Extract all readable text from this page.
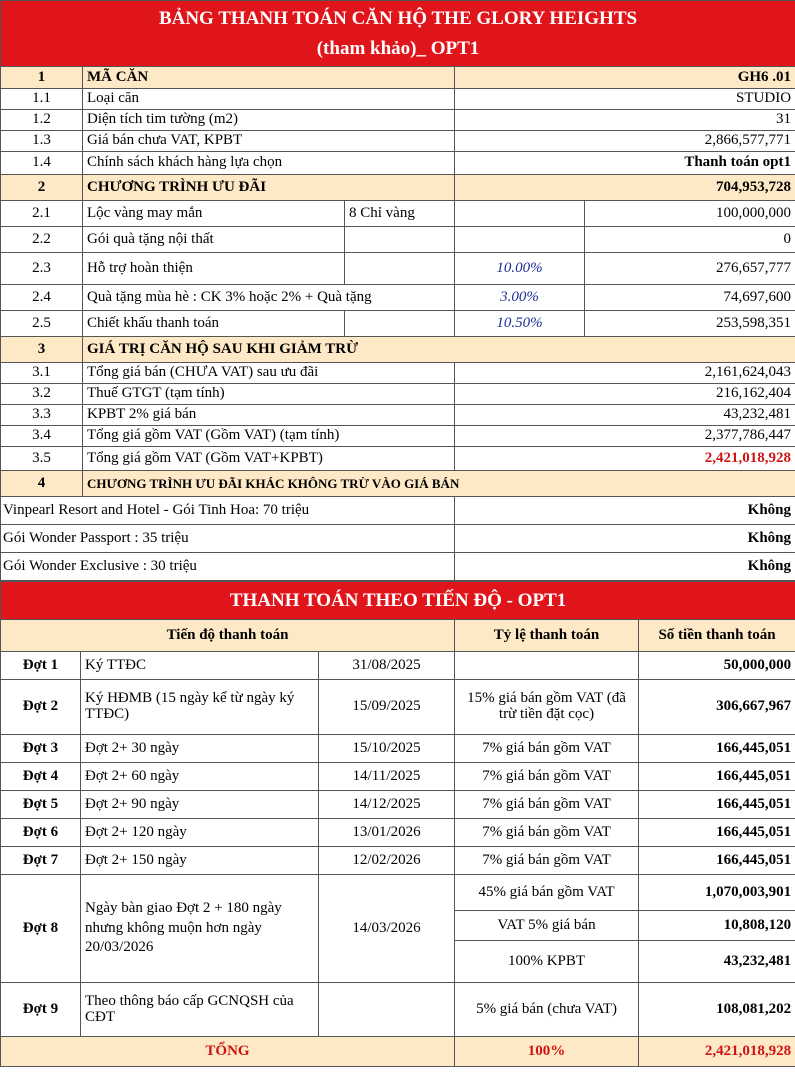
BẢNG THANH TOÁN CĂN HỘ THE GLORY HEIGHTS
(tham khảo)_ OPT1				

1	MÃ CĂN		GH6 .01	
1.1	Loại căn		STUDIO	
1.2	Diện tích tim tường (m2)		31	
1.3	Giá bán chưa VAT, KPBT		2,866,577,771	
1.4	Chính sách khách hàng lựa chọn		Thanh toán opt1	
2	CHƯƠNG TRÌNH ƯU ĐÃI		704,953,728	
2.1	Lộc vàng may mắn	8 Chỉ vàng		100,000,000
2.2	Gói quà tặng nội thất			0
2.3	Hỗ trợ hoàn thiện		10.00%	276,657,777
2.4	Quà tặng mùa hè : CK 3% hoặc 2% + Quà tặng		3.00%	74,697,600
2.5	Chiết khấu thanh toán		10.50%	253,598,351
3	GIÁ TRỊ CĂN HỘ SAU KHI GIẢM TRỪ			
3.1	Tổng giá bán (CHƯA VAT) sau ưu đãi		2,161,624,043	
3.2	Thuế GTGT (tạm tính)		216,162,404	
3.3	KPBT 2% giá bán		43,232,481	
3.4	Tổng giá gồm VAT (Gồm VAT) (tạm tính)		2,377,786,447	
3.5	Tổng giá gồm VAT (Gồm VAT+KPBT)		2,421,018,928	
4	CHƯƠNG TRÌNH ƯU ĐÃI KHÁC KHÔNG TRỪ VÀO GIÁ BÁN			
Vinpearl Resort and Hotel - Gói Tinh Hoa: 70 triệu			Không	
Gói Wonder Passport : 35 triệu			Không	
Gói Wonder Exclusive : 30 triệu			Không	
THANH TOÁN THEO TIẾN ĐỘ - OPT1				
Tiến độ thanh toán			Tỷ lệ thanh toán	Số tiền thanh toán
Đợt 1	Ký TTĐC	31/08/2025		50,000,000
Đợt 2	Ký HĐMB (15 ngày kể từ ngày ký TTĐC)	15/09/2025	15% giá bán gồm VAT (đã trừ tiền đặt cọc)	306,667,967
Đợt 3	Đợt 2+ 30 ngày	15/10/2025	7% giá bán gồm VAT	166,445,051
Đợt 4	Đợt 2+ 60 ngày	14/11/2025	7% giá bán gồm VAT	166,445,051
Đợt 5	Đợt 2+ 90 ngày	14/12/2025	7% giá bán gồm VAT	166,445,051
Đợt 6	Đợt 2+ 120 ngày	13/01/2026	7% giá bán gồm VAT	166,445,051
Đợt 7	Đợt 2+ 150 ngày	12/02/2026	7% giá bán gồm VAT	166,445,051
Đợt 8	Ngày bàn giao Đợt 2 + 180 ngày nhưng không muộn hơn ngày 20/03/2026	14/03/2026	45% giá bán gồm VAT	1,070,003,901
			VAT 5% giá bán	10,808,120
			100% KPBT	43,232,481
Đợt 9	Theo thông báo cấp GCNQSH của CĐT		5% giá bán (chưa VAT)	108,081,202
TỔNG			100%	2,421,018,928
